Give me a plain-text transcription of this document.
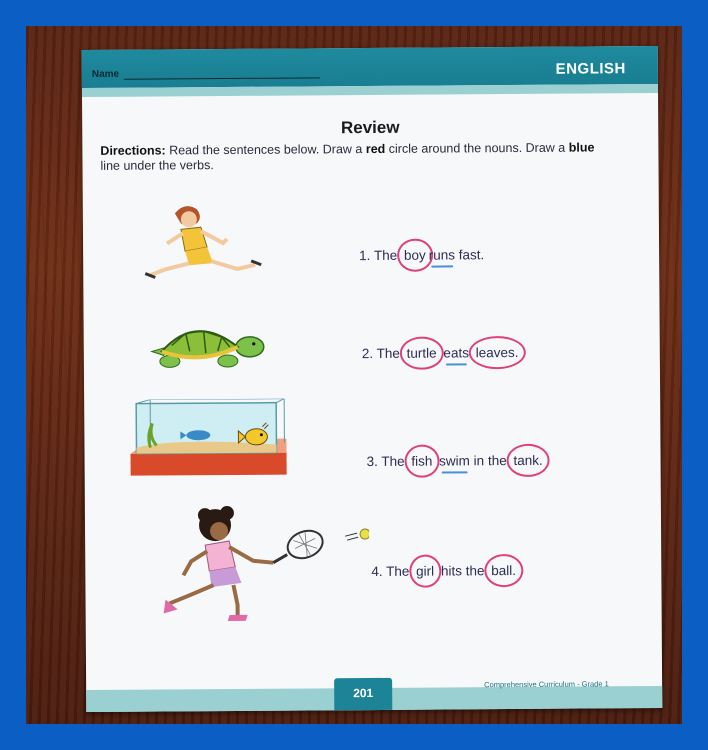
Name	ENGLISH
Review
Directions: Read the sentences below. Draw a red circle around the nouns. Draw a blue line under the verbs.
1. The boy runs fast.
2. The turtle eats leaves.
3. The fish swim in the tank.
4. The girl hits the ball.
201
Comprehensive Curriculum - Grade 1
